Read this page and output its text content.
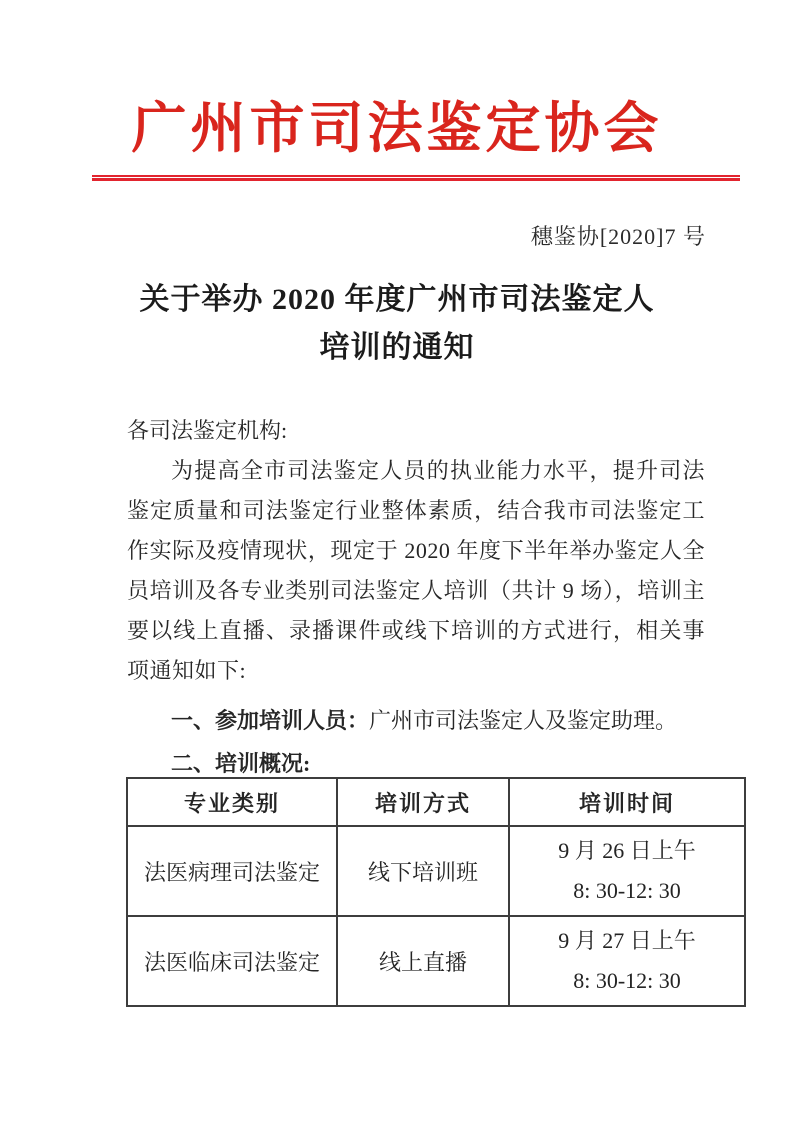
广州市司法鉴定协会
穗鉴协[2020]7 号
关于举办 2020 年度广州市司法鉴定人
培训的通知
各司法鉴定机构:
为提高全市司法鉴定人员的执业能力水平，提升司法鉴定质量和司法鉴定行业整体素质，结合我市司法鉴定工作实际及疫情现状，现定于 2020 年度下半年举办鉴定人全员培训及各专业类别司法鉴定人培训（共计 9 场），培训主要以线上直播、录播课件或线下培训的方式进行，相关事项通知如下:
一、参加培训人员：广州市司法鉴定人及鉴定助理。
二、培训概况:
专业类别	培训方式	培训时间
法医病理司法鉴定	线下培训班	9 月 26 日上午
8: 30-12: 30

法医临床司法鉴定	线上直播	9 月 27 日上午
8: 30-12: 30
